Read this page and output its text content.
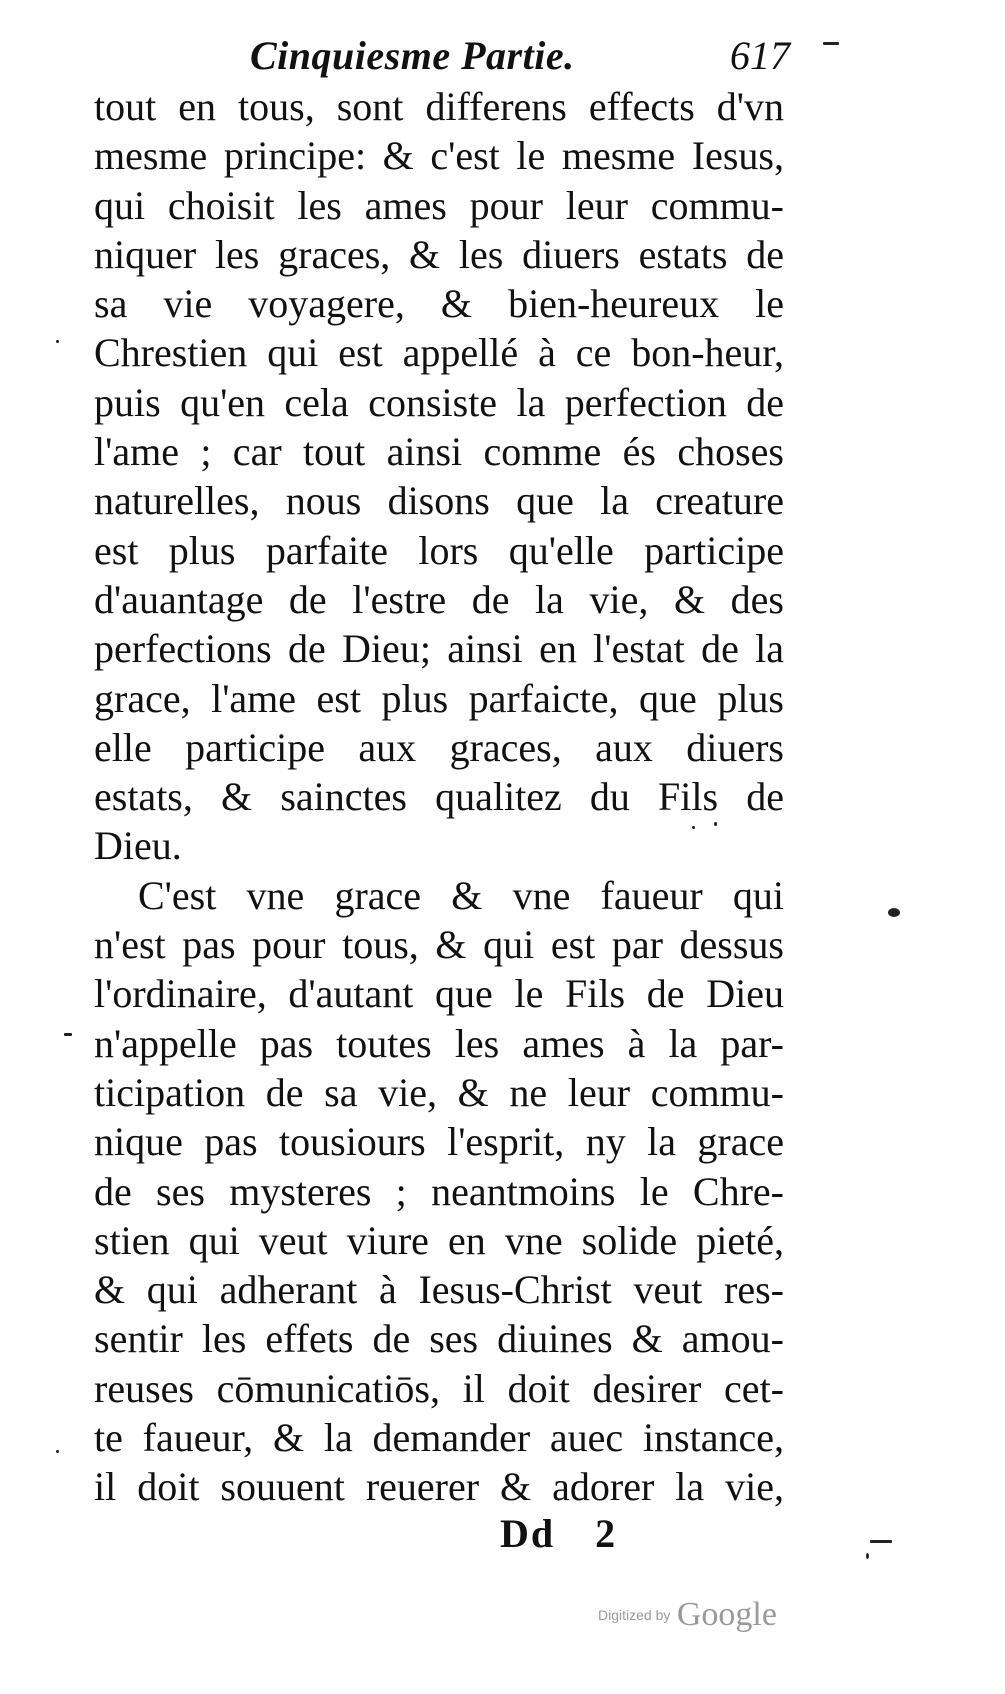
Cinquiesme Partie.	617
tout en tous, sont differens effects d'vn
mesme principe: & c'est le mesme Iesus,
qui choisit les ames pour leur commu-
niquer les graces, & les diuers estats de
sa vie voyagere, & bien-heureux le
Chrestien qui est appellé à ce bon-heur,
puis qu'en cela consiste la perfection de
l'ame ; car tout ainsi comme és choses
naturelles, nous disons que la creature
est plus parfaite lors qu'elle participe
d'auantage de l'estre de la vie, & des
perfections de Dieu; ainsi en l'estat de la
grace, l'ame est plus parfaicte, que plus
elle participe aux graces, aux diuers
estats, & sainctes qualitez du Fils de
Dieu.
C'est vne grace & vne faueur qui
n'est pas pour tous, & qui est par dessus
l'ordinaire, d'autant que le Fils de Dieu
n'appelle pas toutes les ames à la par-
ticipation de sa vie, & ne leur commu-
nique pas tousiours l'esprit, ny la grace
de ses mysteres ; neantmoins le Chre-
stien qui veut viure en vne solide pieté,
& qui adherant à Iesus-Christ veut res-
sentir les effets de ses diuines & amou-
reuses cōmunicatiōs, il doit desirer cet-
te faueur, & la demander auec instance,
il doit souuent reuerer & adorer la vie,
Dd 2
Digitized by Google
